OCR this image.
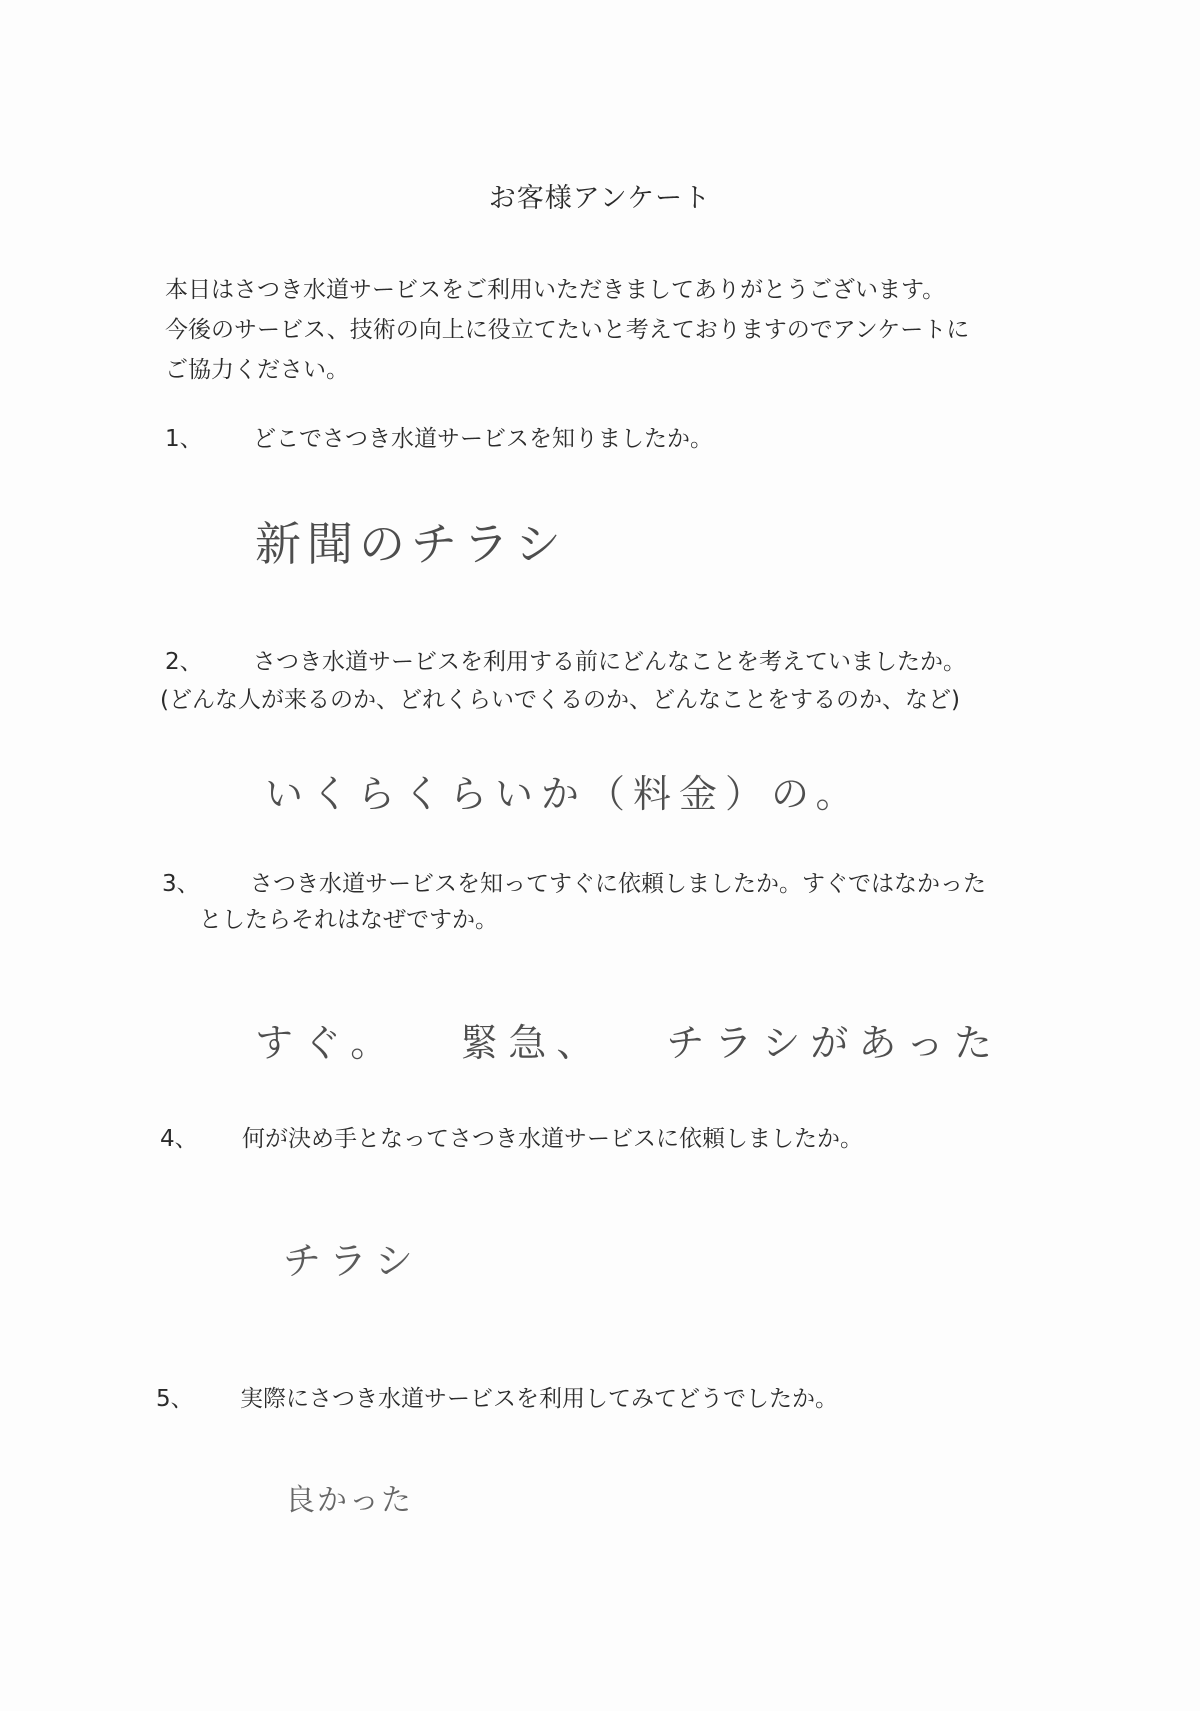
お客様アンケート
本日はさつき水道サービスをご利用いただきましてありがとうございます。
今後のサービス、技術の向上に役立てたいと考えておりますのでアンケートに
ご協力ください。
1、 どこでさつき水道サービスを知りましたか。
新聞のチラシ
2、 さつき水道サービスを利用する前にどんなことを考えていましたか。
(どんな人が来るのか、どれくらいでくるのか、どんなことをするのか、など)
いくらくらいか（料金）の。
3、 さつき水道サービスを知ってすぐに依頼しましたか。すぐではなかった
としたらそれはなぜですか。
すぐ。 緊急、 チラシがあった
4、 何が決め手となってさつき水道サービスに依頼しましたか。
チラシ
5、 実際にさつき水道サービスを利用してみてどうでしたか。
良かった
